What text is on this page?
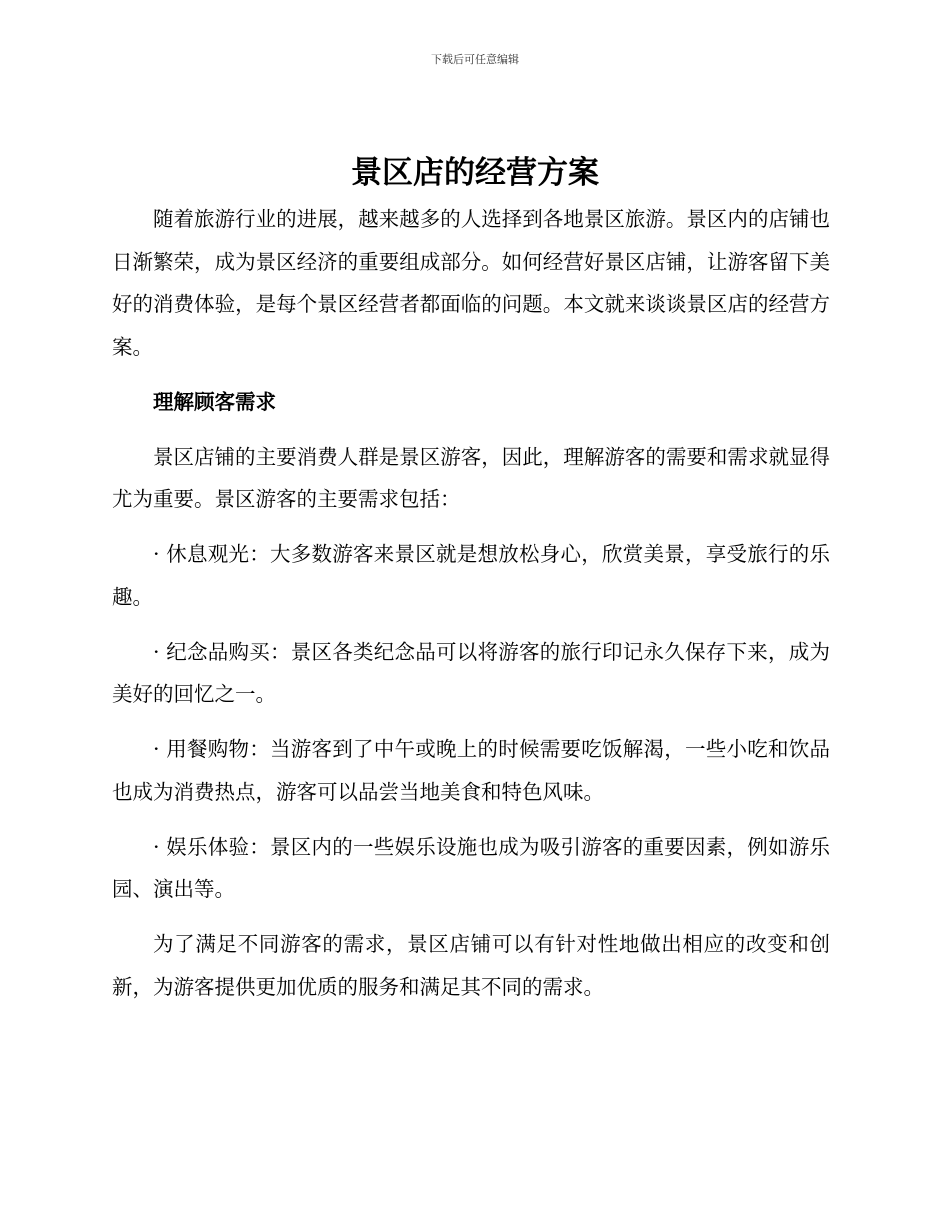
下载后可任意编辑
景区店的经营方案

随着旅游行业的进展，越来越多的人选择到各地景区旅游。景区内的店铺也日渐繁荣，成为景区经济的重要组成部分。如何经营好景区店铺，让游客留下美好的消费体验，是每个景区经营者都面临的问题。本文就来谈谈景区店的经营方案。

理解顾客需求

景区店铺的主要消费人群是景区游客，因此，理解游客的需要和需求就显得尤为重要。景区游客的主要需求包括：

· 休息观光：大多数游客来景区就是想放松身心，欣赏美景，享受旅行的乐趣。

· 纪念品购买：景区各类纪念品可以将游客的旅行印记永久保存下来，成为美好的回忆之一。

· 用餐购物：当游客到了中午或晚上的时候需要吃饭解渴，一些小吃和饮品也成为消费热点，游客可以品尝当地美食和特色风味。

· 娱乐体验：景区内的一些娱乐设施也成为吸引游客的重要因素，例如游乐园、演出等。

为了满足不同游客的需求，景区店铺可以有针对性地做出相应的改变和创新，为游客提供更加优质的服务和满足其不同的需求。
